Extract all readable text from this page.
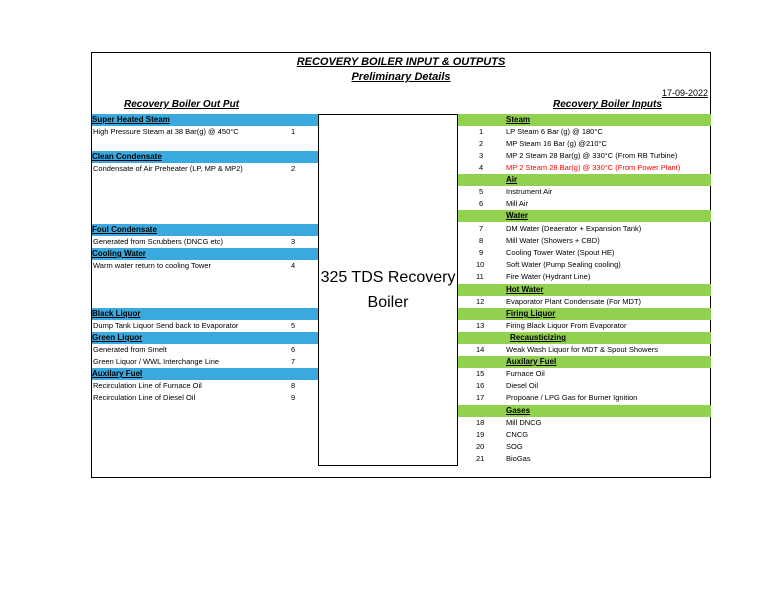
RECOVERY BOILER INPUT & OUTPUTS
Preliminary Details
17-09-2022
Recovery Boiler Out Put	Recovery Boiler Inputs
Super Heated Steam
High Pressure Steam at 38 Bar(g) @ 450°C	1
Clean Condensate
Condensate of Air Preheater (LP, MP & MP2)	2
Foul Condensate
Generated from Scrubbers (DNCG etc)	3
Cooling Water
Warm water return to cooling Tower	4
Black Liquor
Dump Tank Liquor Send back to Evaporator	5
Green Liquor
Generated from Smelt	6
Green Liquor / WWL Interchange Line	7
Auxilary Fuel
Recirculation Line of Furnace Oil	8
Recirculation Line of Diesel Oil	9
325 TDS Recovery
Boiler
Steam
1	LP Steam 6 Bar (g) @ 180°C
2	MP Steam 16 Bar (g) @210°C
3	MP 2 Steam 28 Bar(g) @ 330°C (From RB Turbine)
4	MP 2 Steam 28 Bar(g) @ 330°C (From Power Plant)
Air
5	Instrument Air
6	Mill Air
Water
7	DM Water (Deaerator + Expansion Tank)
8	Mill Water (Showers + CBD)
9	Cooling Tower Water (Spout HE)
10	Soft Water (Pump Sealing cooling)
11	Fire Water (Hydrant Line)
Hot Water
12	Evaporator Plant Condensate (For MDT)
Firing Liquor
13	Firing Black Liquor From Evaporator
Recausticizing
14	Weak Wash Liquor for MDT & Spout Showers
Auxilary Fuel
15	Furnace Oil
16	Diesel Oil
17	Propoane / LPG Gas for Burner Ignition
Gases
18	Mill DNCG
19	CNCG
20	SOG
21	BioGas
